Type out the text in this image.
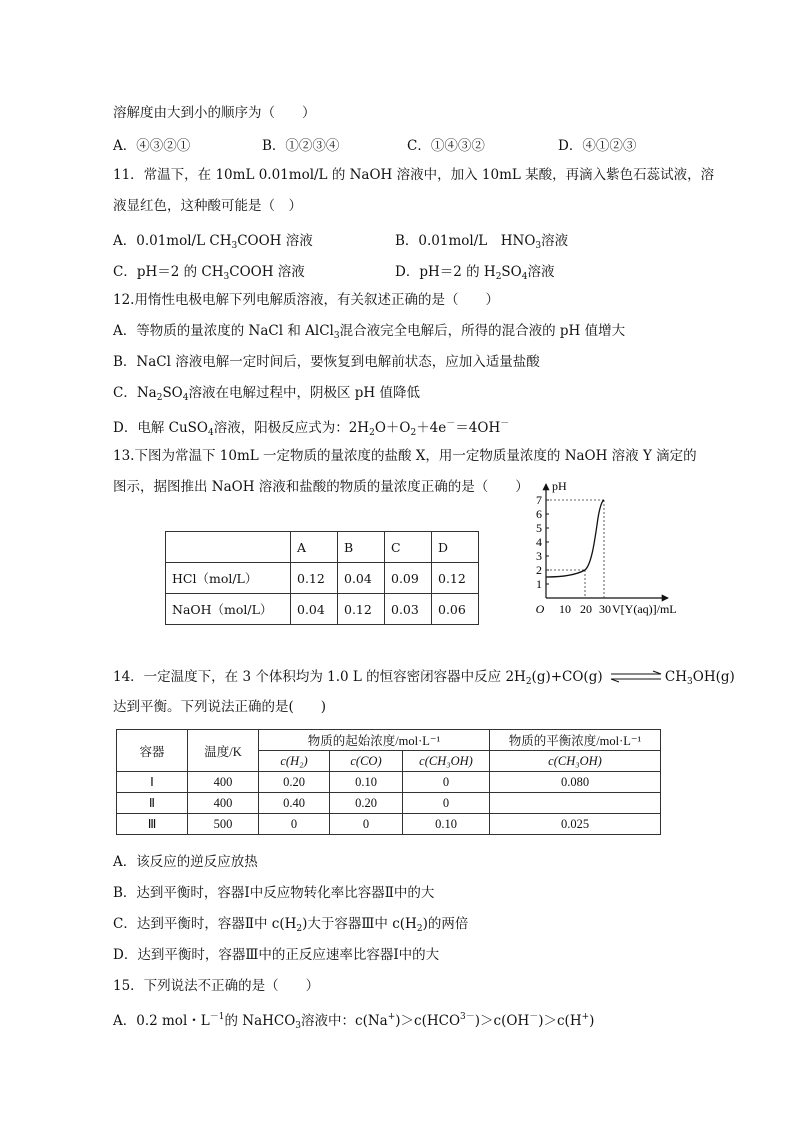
溶解度由大到小的顺序为（　　）
A．④③②①	B．①②③④	C．①④③②	D．④①②③
11．常温下，在 10mL 0.01mol/L 的 NaOH 溶液中，加入 10mL 某酸，再滴入紫色石蕊试液，溶
液显红色，这种酸可能是（　）
A．0.01mol/L $CH_3COOH$ 溶液	B．0.01mol/L　$HNO_3$溶液
C．pH＝2 的 $CH_3COOH$ 溶液	D．pH＝2 的 $H_2SO_4$溶液
12.用惰性电极电解下列电解质溶液，有关叙述正确的是（　　）
A．等物质的量浓度的 NaCl 和 AlCl$_3$混合液完全电解后，所得的混合液的 pH 值增大
B．NaCl 溶液电解一定时间后，要恢复到电解前状态，应加入适量盐酸
C．$Na_2SO_4$溶液在电解过程中，阴极区 pH 值降低
D．电解 CuSO$_4$溶液，阳极反应式为：$2H_2O+O_2+4e^-=4OH^-$
13.下图为常温下 10mL 一定物质的量浓度的盐酸 X，用一定物质量浓度的 NaOH 溶液 Y 滴定的
图示，据图推出 NaOH 溶液和盐酸的物质的量浓度正确的是（　　）
	A	B	C	D
HCl（mol/L）	0.12	0.04	0.09	0.12
NaOH（mol/L）	0.04	0.12	0.03	0.06
pH
1
2
3
4
5
6
7
O 10 20 30 V[Y(aq)]/mL
14．一定温度下，在 3 个体积均为 1.0 L 的恒容密闭容器中反应 $2H_2(g)+CO(g)$	$CH_3OH(g)$
达到平衡。下列说法正确的是(　　)
容器	温度/K	物质的起始浓度/mol·L⁻¹			物质的平衡浓度/mol·L⁻¹
		c(H₂)	c(CO)	c(CH₃OH)	c(CH₃OH)
Ⅰ	400	0.20	0.10	0	0.080
Ⅱ	400	0.40	0.20	0	
Ⅲ	500	0	0	0.10	0.025
A．该反应的逆反应放热
B．达到平衡时，容器Ⅰ中反应物转化率比容器Ⅱ中的大
C．达到平衡时，容器Ⅱ中 $c(H_2)$大于容器Ⅲ中 $c(H_2)$的两倍
D．达到平衡时，容器Ⅲ中的正反应速率比容器Ⅰ中的大
15．下列说法不正确的是（　　）
A．0.2 mol・$L^{-1}$的 NaHCO$_3$溶液中：$c(Na^+)>c(HCO^{3-})>c(OH^-)>c(H^+)$
